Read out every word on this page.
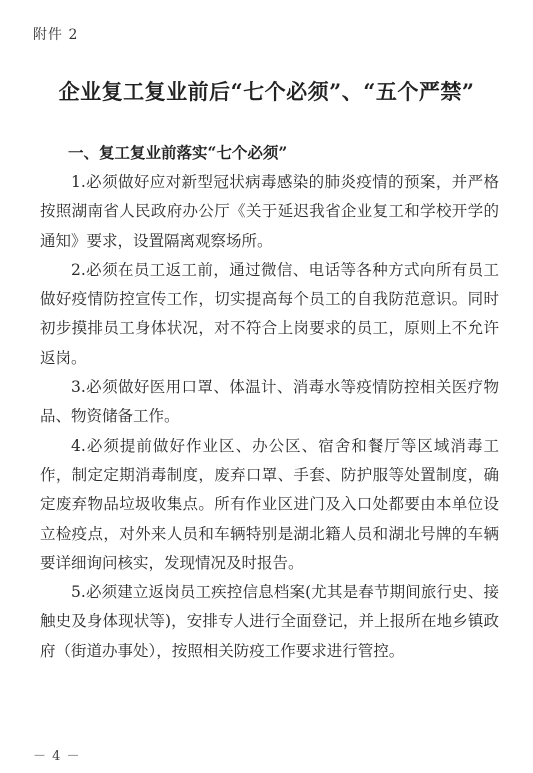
附件 2
企业复工复业前后“七个必须”、“五个严禁”
一、复工复业前落实“七个必须”

1.必须做好应对新型冠状病毒感染的肺炎疫情的预案，并严格按照湖南省人民政府办公厅《关于延迟我省企业复工和学校开学的通知》要求，设置隔离观察场所。

2.必须在员工返工前，通过微信、电话等各种方式向所有员工做好疫情防控宣传工作，切实提高每个员工的自我防范意识。同时初步摸排员工身体状况，对不符合上岗要求的员工，原则上不允许返岗。

3.必须做好医用口罩、体温计、消毒水等疫情防控相关医疗物品、物资储备工作。

4.必须提前做好作业区、办公区、宿舍和餐厅等区域消毒工作，制定定期消毒制度，废弃口罩、手套、防护服等处置制度，确定废弃物品垃圾收集点。所有作业区进门及入口处都要由本单位设立检疫点，对外来人员和车辆特别是湖北籍人员和湖北号牌的车辆要详细询问核实，发现情况及时报告。

5.必须建立返岗员工疾控信息档案(尤其是春节期间旅行史、接触史及身体现状等)，安排专人进行全面登记，并上报所在地乡镇政府（街道办事处），按照相关防疫工作要求进行管控。

－ 4 －
